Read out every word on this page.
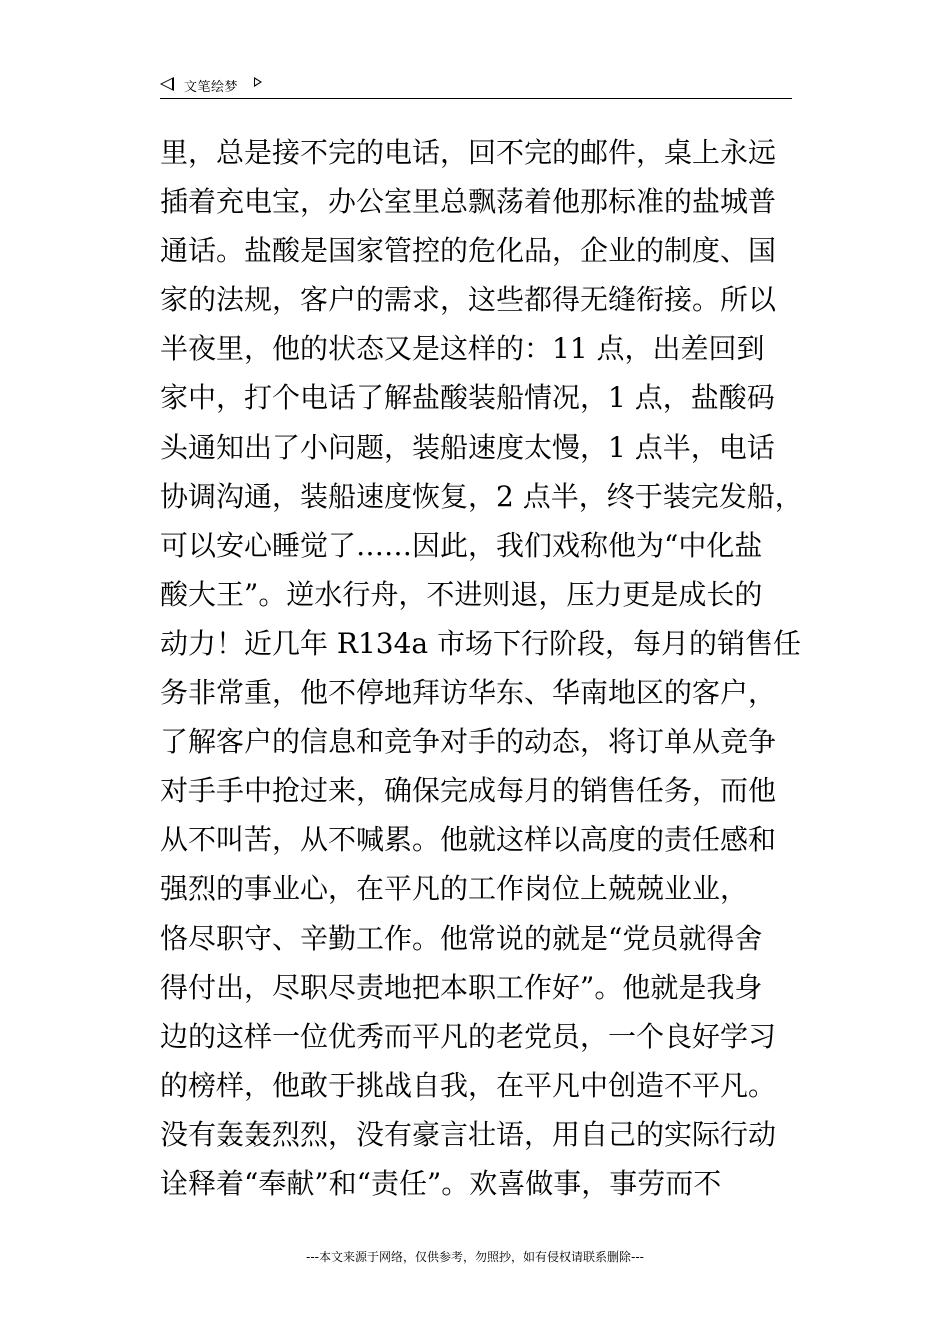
文笔绘梦
里，总是接不完的电话，回不完的邮件，桌上永远
插着充电宝，办公室里总飘荡着他那标准的盐城普
通话。盐酸是国家管控的危化品，企业的制度、国
家的法规，客户的需求，这些都得无缝衔接。所以
半夜里，他的状态又是这样的：11 点，出差回到
家中，打个电话了解盐酸装船情况，1 点，盐酸码
头通知出了小问题，装船速度太慢，1 点半，电话
协调沟通，装船速度恢复，2 点半，终于装完发船，
可以安心睡觉了……因此，我们戏称他为“中化盐
酸大王”。逆水行舟，不进则退，压力更是成长的
动力！近几年 R134a 市场下行阶段，每月的销售任
务非常重，他不停地拜访华东、华南地区的客户，
了解客户的信息和竞争对手的动态，将订单从竞争
对手手中抢过来，确保完成每月的销售任务，而他
从不叫苦，从不喊累。他就这样以高度的责任感和
强烈的事业心，在平凡的工作岗位上兢兢业业，
恪尽职守、辛勤工作。他常说的就是“党员就得舍
得付出，尽职尽责地把本职工作好”。他就是我身
边的这样一位优秀而平凡的老党员，一个良好学习
的榜样，他敢于挑战自我，在平凡中创造不平凡。
没有轰轰烈烈，没有豪言壮语，用自己的实际行动
诠释着“奉献”和“责任”。欢喜做事，事劳而不
---本文来源于网络，仅供参考，勿照抄，如有侵权请联系删除---
